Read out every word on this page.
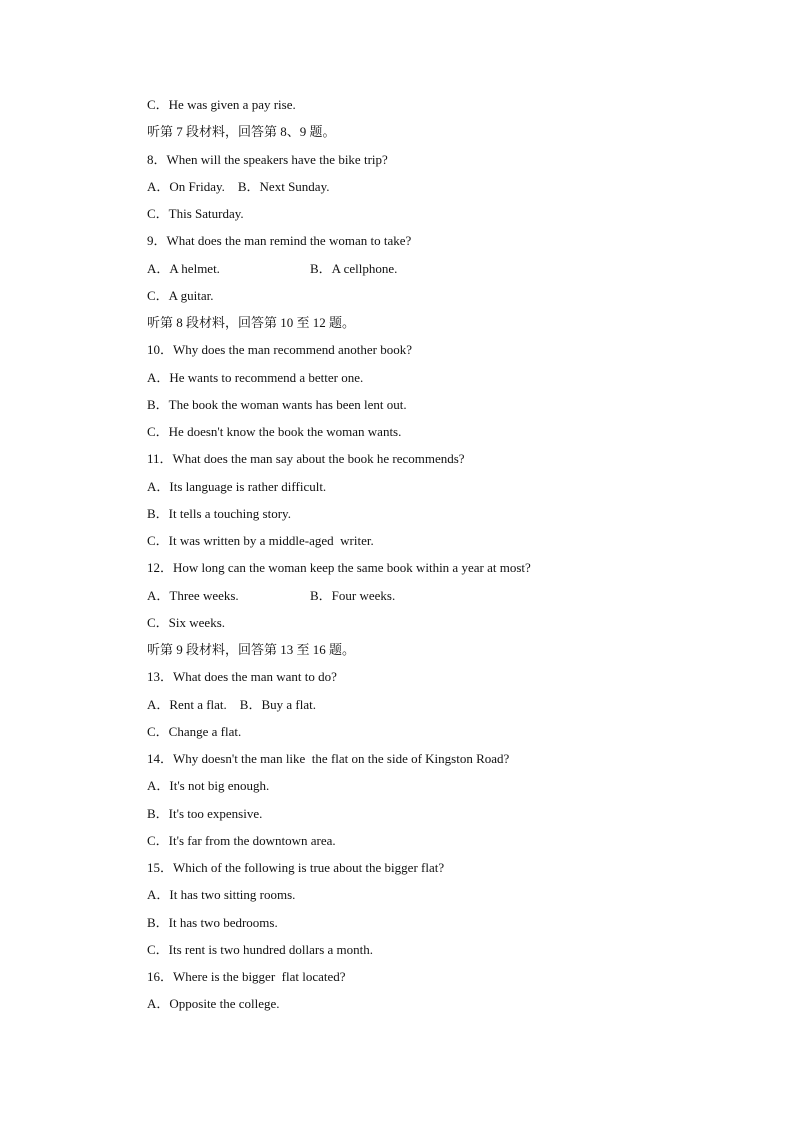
C．He was given a pay rise.
听第 7 段材料，回答第 8、9 题。
8．When will the speakers have the bike trip?
A．On Friday.    B．Next Sunday.
C．This Saturday.
9．What does the man remind the woman to take?
A．A helmet.	B．A cellphone.
C．A guitar.
听第 8 段材料，回答第 10 至 12 题。
10．Why does the man recommend another book?
A．He wants to recommend a better one.
B．The book the woman wants has been lent out.
C．He doesn't know the book the woman wants.
11．What does the man say about the book he recommends?
A．Its language is rather difficult.
B．It tells a touching story.
C．It was written by a middle-aged  writer.
12．How long can the woman keep the same book within a year at most?
A．Three weeks.	B．Four weeks.
C．Six weeks.
听第 9 段材料，回答第 13 至 16 题。
13．What does the man want to do?
A．Rent a flat.    B．Buy a flat.
C．Change a flat.
14．Why doesn't the man like  the flat on the side of Kingston Road?
A．It's not big enough.
B．It's too expensive.
C．It's far from the downtown area.
15．Which of the following is true about the bigger flat?
A．It has two sitting rooms.
B．It has two bedrooms.
C．Its rent is two hundred dollars a month.
16．Where is the bigger  flat located?
A．Opposite the college.
